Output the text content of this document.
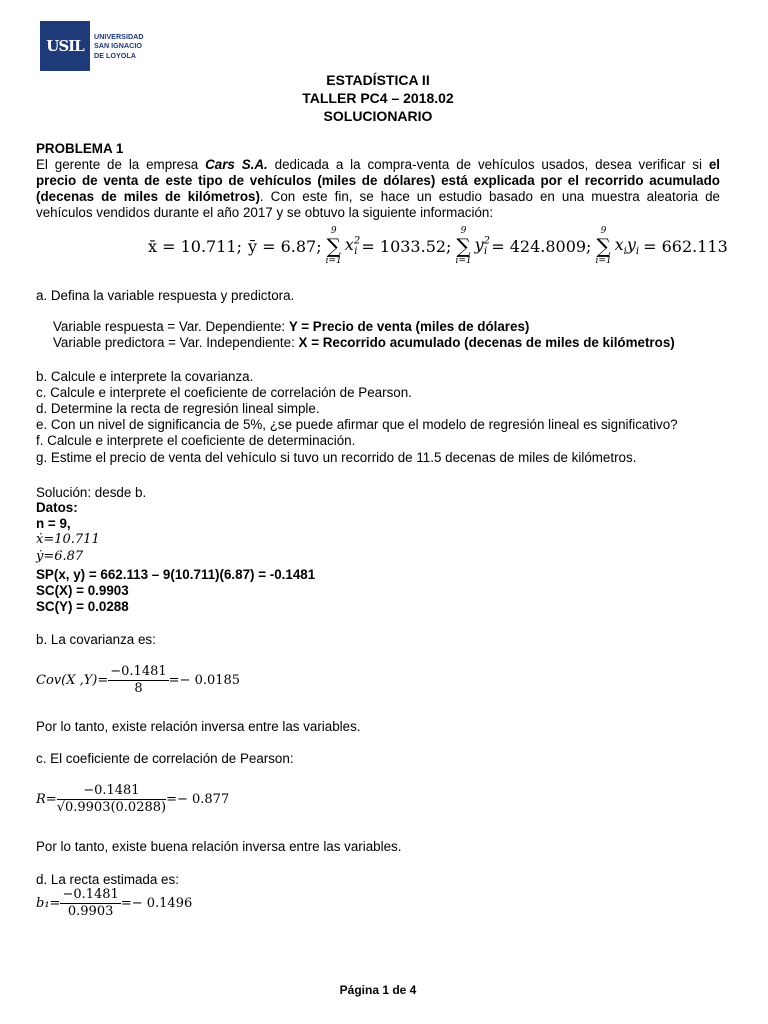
USIL
UNIVERSIDAD
SAN IGNACIO
DE LOYOLA
ESTADÍSTICA II
TALLER PC4 – 2018.02
SOLUCIONARIO
PROBLEMA 1
El gerente de la empresa Cars S.A. dedicada a la compra-venta de vehículos usados, desea verificar si el
precio de venta de este tipo de vehículos (miles de dólares) está explicada por el recorrido acumulado
(decenas de miles de kilómetros). Con este fin, se hace un estudio basado en una muestra aleatoria de
vehículos vendidos durante el año 2017 y se obtuvo la siguiente información:
x̄ = 10.711; ȳ = 6.87;
9
∑
i=1
$x^2_i = 1033.52$;
9
∑
i=1
$y^2_i = 424.8009$;
9
∑
i=1
$x_iy_i = 662.113$
a. Defina la variable respuesta y predictora.
Variable respuesta = Var. Dependiente: Y = Precio de venta (miles de dólares)
Variable predictora = Var. Independiente: X = Recorrido acumulado (decenas de miles de kilómetros)
b. Calcule e interprete la covarianza.
c. Calcule e interprete el coeficiente de correlación de Pearson.
d. Determine la recta de regresión lineal simple.
e. Con un nivel de significancia de 5%, ¿se puede afirmar que el modelo de regresión lineal es significativo?
f. Calcule e interprete el coeficiente de determinación.
g. Estime el precio de venta del vehículo si tuvo un recorrido de 11.5 decenas de miles de kilómetros.
Solución: desde b.
Datos:
n = 9,
ẋ=10.711
ẏ=6.87
SP(x, y) = 662.113 – 9(10.711)(6.87) = -0.1481
SC(X) = 0.9903
SC(Y) = 0.0288
b. La covarianza es:
Cov(X $,Y)= \frac{-0.1481}{8} =- 0.0185$
Por lo tanto, existe relación inversa entre las variables.
c. El coeficiente de correlación de Pearson:
$R= \frac{-0.1481}{√0.9903(0.0288)} =- 0.877$
Por lo tanto, existe buena relación inversa entre las variables.
d. La recta estimada es:
$b_1= \frac{-0.1481}{0.9903} =- 0.1496$
Página 1 de 4
